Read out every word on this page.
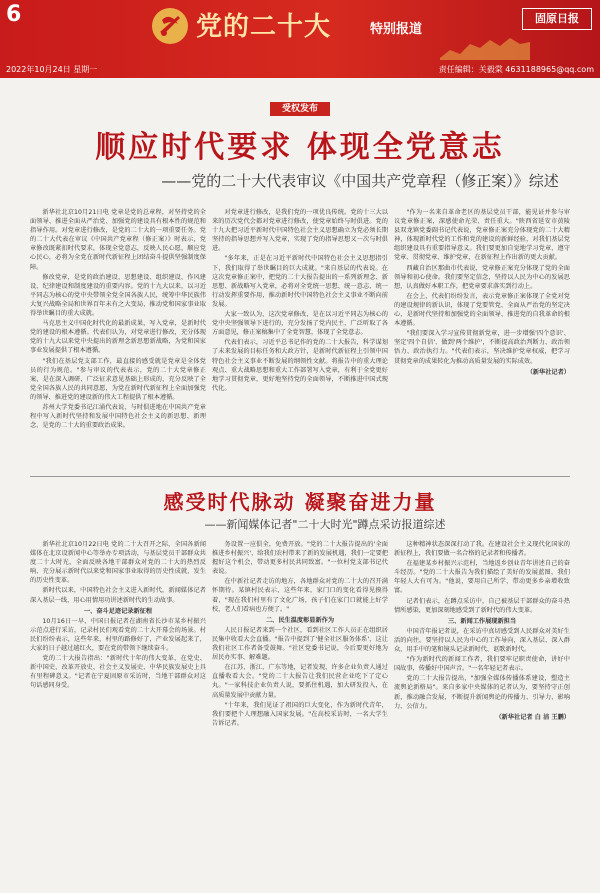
6	党的二十大	特别报道
固原日报
2022年10月24日 星期一	责任编辑：关毅棠 4631188965@qq.com
受权发布
顺应时代要求 体现全党意志
——党的二十大代表审议《中国共产党章程（修正案）》综述

新华社北京10月21日电 党章是党的总章程，对坚持党的全面领导、推进全面从严治党、加强党的建设具有根本性的规范和指导作用。对党章进行修改，是党的二十大的一项重要任务。党的二十大代表在审议《中国共产党章程（修正案）》时表示，党章修改既紧扣时代要求，体现全党意志，反映人民心愿，顺应党心民心，必将为全党在新时代新征程上团结奋斗提供坚强制度保障。

修改党章，是党的政治建设、思想建设、组织建设、作风建设、纪律建设和制度建设的重要内容。党的十九大以来，以习近平同志为核心的党中央带领全党全国各族人民，统筹中华民族伟大复兴战略全局和世界百年未有之大变局，推动党和国家事业取得举世瞩目的重大成就。

马克思主义中国化时代化的最新成果，写入党章，是新时代党的建设的根本遵循。代表们认为，对党章进行修改，充分体现党的十九大以来党中央提出的新理念新思想新战略，为党和国家事业发展提供了根本遵循。

"我们在基层党支部工作，最直接的感受就是党章是全体党员的行为规范。"参与审议的代表表示，党的二十大党章修正案，是在深入调研、广泛征求意见基础上形成的，充分反映了全党全国各族人民的共同意愿，为党在新时代新征程上全面加强党的领导、推进党的建设新的伟大工程提供了根本遵循。

苏州大学党委书记江涌代表说，与时俱进地在中国共产党章程中写入新时代坚持和发展中国特色社会主义的新思想、新理念，是党的二十大的重要政治成果。

对党章进行修改，是我们党的一项优良传统。党的十三大以来的历次党代会都对党章进行修改，使党章始终与时俱进。党的十九大把习近平新时代中国特色社会主义思想确立为党必须长期坚持的指导思想并写入党章，实现了党的指导思想又一次与时俱进。

"多年来，正是在习近平新时代中国特色社会主义思想指引下，我们取得了举世瞩目的巨大成就。"来自基层的代表说。在这次党章修正案中，把党的二十大报告提出的一系列新理念、新思想、新战略写入党章，必将对全党统一思想、统一意志、统一行动发挥重要作用，推动新时代中国特色社会主义事业不断向前发展。

大家一致认为，这次党章修改，是在以习近平同志为核心的党中央坚强领导下进行的，充分发扬了党内民主，广泛听取了各方面意见，修正案稿集中了全党智慧，体现了全党意志。

代表们表示，习近平总书记作的党的二十大报告，科学谋划了未来发展的目标任务和大政方针，是新时代新征程上引领中国特色社会主义事业不断发展的纲领性文献。将报告中的重大理论观点、重大战略思想和重大工作部署写入党章，有利于全党更好地学习贯彻党章，更好地坚持党的全面领导，不断推进中国式现代化。

"作为一名来自革命老区的基层党员干部，能见证并参与审议党章修正案，深感使命光荣、责任重大。"陕西省延安市黄陵县双龙镇党委副书记代表说，党章修正案充分体现党的二十大精神，体现新时代党的工作和党的建设的新鲜经验，对我们基层党组织建设具有重要指导意义。我们要更加自觉地学习党章、遵守党章、贯彻党章、维护党章，在新征程上作出新的更大贡献。

西藏自治区那曲市代表说，党章修正案充分体现了党的全面领导和初心使命。我们要坚定信念，坚持以人民为中心的发展思想，认真做好本职工作，把党章要求落实到行动上。

在会上，代表们纷纷发言，表示党章修正案体现了全党对党的建设规律的新认识，体现了党要管党、全面从严治党的坚定决心，是新时代坚持和加强党的全面领导、推进党的自我革命的根本遵循。

"我们要深入学习宣传贯彻新党章，进一步增强'四个意识'、坚定'四个自信'、做到'两个维护'，不断提高政治判断力、政治领悟力、政治执行力。"代表们表示，坚决维护党章权威，把学习贯彻党章的成果转化为推动高质量发展的实际成效。

（新华社记者）
感受时代脉动 凝聚奋进力量
——新闻媒体记者"二十大时光"蹲点采访报道综述

新华社北京10月22日电 党的二十大召开之际，全国各新闻媒体在北京设新闻中心等举办专项活动，与基层党员干部群众共度二十大时光，全面反映各地干部群众对党的二十大的热烈反响、充分展示新时代以来党和国家事业取得的历史性成就、发生的历史性变革。

新时代以来，中国特色社会主义进入新时代，新闻媒体记者深入基层一线，用心用情用功讲述新时代的生动故事。

一、奋斗足迹记录新征程

10月16日一早，中国日报记者在湖南省长沙市某乡村振兴示范点进行采访，记录村民们观看党的二十大开幕会的场景。村民们纷纷表示，这些年来，村里的路修好了，产业发展起来了，大家的日子越过越红火，要在党的带领下继续奋斗。

党的二十大报告指出："新时代十年的伟大变革，在党史、新中国史、改革开放史、社会主义发展史、中华民族发展史上具有里程碑意义。"记者在宁夏固原市采访时，当地干部群众对这句话感同身受。

务设置一应俱全，免费开放。"党的二十大报告提出的'全面推进乡村振兴'，给我们农村带来了新的发展机遇，我们一定要把握好这个机会，带动更多村民共同致富。"一位村党支部书记代表说。

在中新社记者走访的地方，各地群众对党的二十大的召开满怀期待。某镇村民表示，这些年来，家门口的变化看得见摸得着，"现在我们村里有了文化广场，孩子们在家门口就能上好学校，老人们看病也方便了。"

二、民生温度彰显新作为

人民日报记者来到一个社区，看到社区工作人员正在组织居民集中收看大会直播。"报告中提到了'健全社区服务体系'，这让我们社区工作者备受鼓舞。"社区党委书记说，今后要更好地为居民办实事、解难题。

在江苏、浙江、广东等地，记者发现，许多企业负责人通过直播收看大会。"党的二十大报告让我们民营企业吃下了定心丸。"一家科技企业负责人说，要抓住机遇，加大研发投入，在高质量发展中贡献力量。

"十年来，我们见证了祖国的巨大变化，作为新时代青年，我们要把个人理想融入国家发展。"在高校采访时，一名大学生告诉记者。

这种精神状态深深打动了我。在建设社会主义现代化国家的新征程上，我们要做一名合格的记录者和传播者。

在福建某乡村振兴示范村，当地返乡创业青年讲述自己的奋斗经历。"党的二十大报告为我们描绘了美好的发展蓝图，我们年轻人大有可为。"他说，要用自己所学，带动更多乡亲增收致富。

记者们表示，在蹲点采访中，自己被基层干部群众的奋斗热情所感染，更加深刻地感受到了新时代的伟大变革。

三、新闻工作展现新担当

中国青年报记者说，在采访中真切感受到人民群众对美好生活的向往。要坚持以人民为中心的工作导向，深入基层、深入群众，用手中的笔和镜头记录新时代、讴歌新时代。

"作为新时代的新闻工作者，我们要牢记职责使命，讲好中国故事，传播好中国声音。"一名年轻记者表示。

党的二十大报告提出，"加强全媒体传播体系建设，塑造主流舆论新格局"。来自多家中央媒体的记者认为，要坚持守正创新，推动融合发展，不断提升新闻舆论的传播力、引导力、影响力、公信力。

（新华社记者 白 洁 王鹏）
